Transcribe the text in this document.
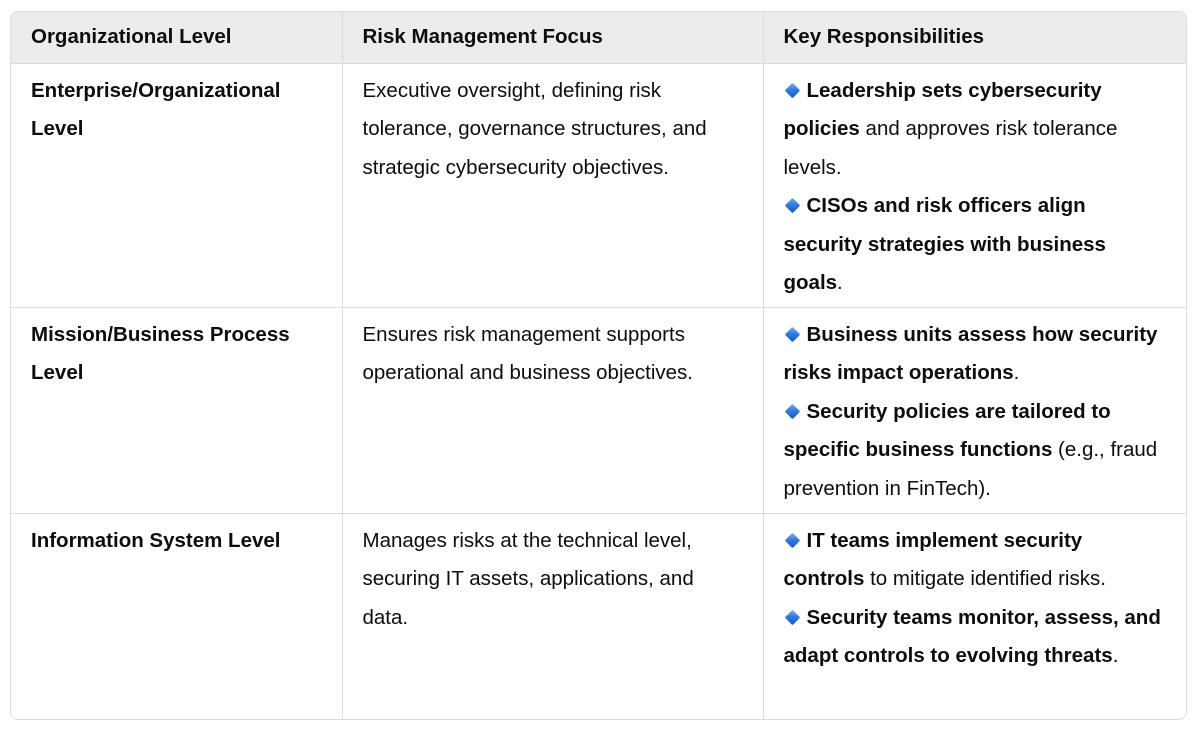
Organizational Level	Risk Management Focus	Key Responsibilities
Enterprise/Organizational Level	Executive oversight, defining risk tolerance, governance structures, and strategic cybersecurity objectives.	Leadership sets cybersecurity policies and approves risk tolerance levels.
CISOs and risk officers align security strategies with business goals.

Mission/Business Process Level	Ensures risk management supports operational and business objectives.	Business units assess how security risks impact operations.
Security policies are tailored to specific business functions (e.g., fraud prevention in FinTech).

Information System Level	Manages risks at the technical level, securing IT assets, applications, and data.	IT teams implement security controls to mitigate identified risks.
Security teams monitor, assess, and adapt controls to evolving threats.
